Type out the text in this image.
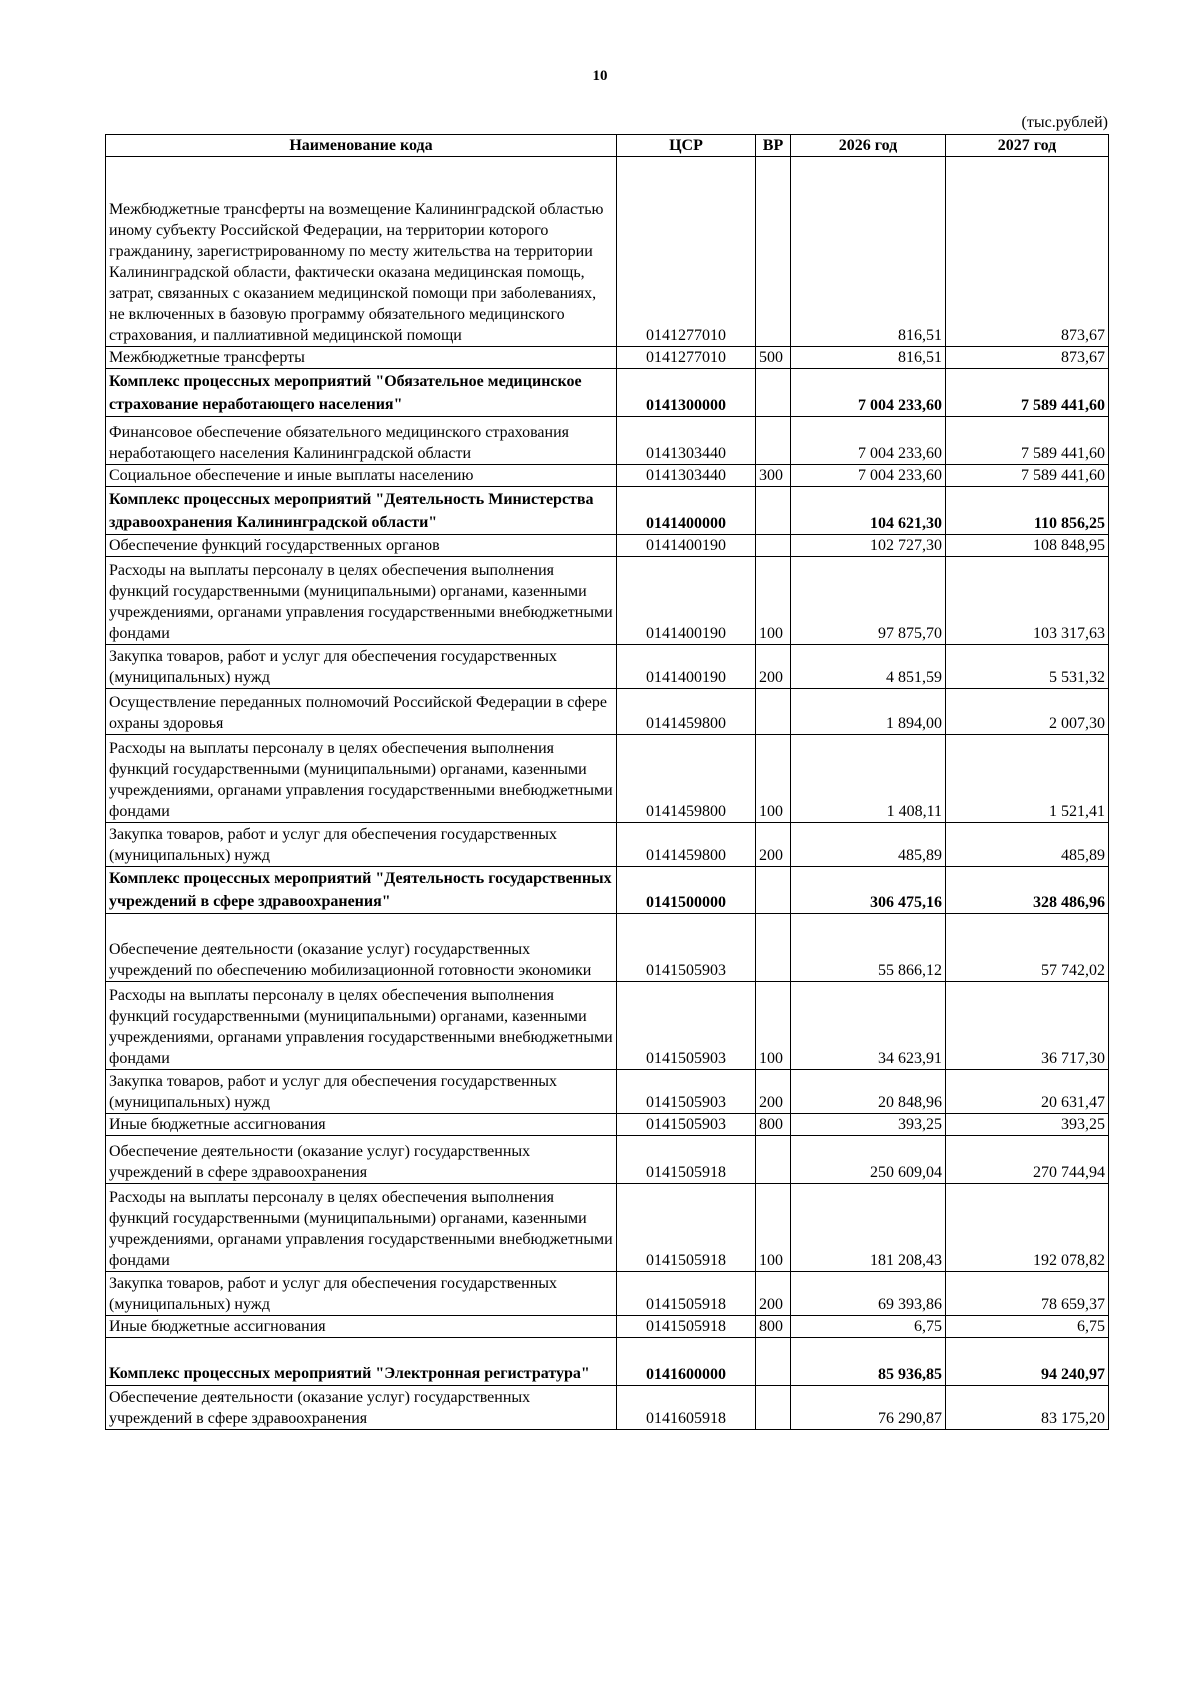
10
(тыс.рублей)
Наименование кода	ЦСР	ВР	2026 год	2027 год
Межбюджетные трансферты на возмещение Калининградской областью иному субъекту Российской Федерации, на территории которого гражданину, зарегистрированному по месту жительства на территории Калининградской области, фактически оказана медицинская помощь, затрат, связанных с оказанием медицинской помощи при заболеваниях, не включенных в базовую программу обязательного медицинского страхования, и паллиативной медицинской помощи	0141277010		816,51	873,67
Межбюджетные трансферты	0141277010	500	816,51	873,67
Комплекс процессных мероприятий "Обязательное медицинское страхование неработающего населения"	0141300000		7 004 233,60	7 589 441,60
Финансовое обеспечение обязательного медицинского страхования неработающего населения Калининградской области	0141303440		7 004 233,60	7 589 441,60
Социальное обеспечение и иные выплаты населению	0141303440	300	7 004 233,60	7 589 441,60
Комплекс процессных мероприятий "Деятельность Министерства здравоохранения Калининградской области"	0141400000		104 621,30	110 856,25
Обеспечение функций государственных органов	0141400190		102 727,30	108 848,95
Расходы на выплаты персоналу в целях обеспечения выполнения функций государственными (муниципальными) органами, казенными учреждениями, органами управления государственными внебюджетными фондами	0141400190	100	97 875,70	103 317,63
Закупка товаров, работ и услуг для обеспечения государственных (муниципальных) нужд	0141400190	200	4 851,59	5 531,32
Осуществление переданных полномочий Российской Федерации в сфере охраны здоровья	0141459800		1 894,00	2 007,30
Расходы на выплаты персоналу в целях обеспечения выполнения функций государственными (муниципальными) органами, казенными учреждениями, органами управления государственными внебюджетными фондами	0141459800	100	1 408,11	1 521,41
Закупка товаров, работ и услуг для обеспечения государственных (муниципальных) нужд	0141459800	200	485,89	485,89
Комплекс процессных мероприятий "Деятельность государственных учреждений в сфере здравоохранения"	0141500000		306 475,16	328 486,96
Обеспечение деятельности (оказание услуг) государственных учреждений по обеспечению мобилизационной готовности экономики	0141505903		55 866,12	57 742,02
Расходы на выплаты персоналу в целях обеспечения выполнения функций государственными (муниципальными) органами, казенными учреждениями, органами управления государственными внебюджетными фондами	0141505903	100	34 623,91	36 717,30
Закупка товаров, работ и услуг для обеспечения государственных (муниципальных) нужд	0141505903	200	20 848,96	20 631,47
Иные бюджетные ассигнования	0141505903	800	393,25	393,25
Обеспечение деятельности (оказание услуг) государственных учреждений в сфере здравоохранения	0141505918		250 609,04	270 744,94
Расходы на выплаты персоналу в целях обеспечения выполнения функций государственными (муниципальными) органами, казенными учреждениями, органами управления государственными внебюджетными фондами	0141505918	100	181 208,43	192 078,82
Закупка товаров, работ и услуг для обеспечения государственных (муниципальных) нужд	0141505918	200	69 393,86	78 659,37
Иные бюджетные ассигнования	0141505918	800	6,75	6,75
Комплекс процессных мероприятий "Электронная регистратура"	0141600000		85 936,85	94 240,97
Обеспечение деятельности (оказание услуг) государственных учреждений в сфере здравоохранения	0141605918		76 290,87	83 175,20
